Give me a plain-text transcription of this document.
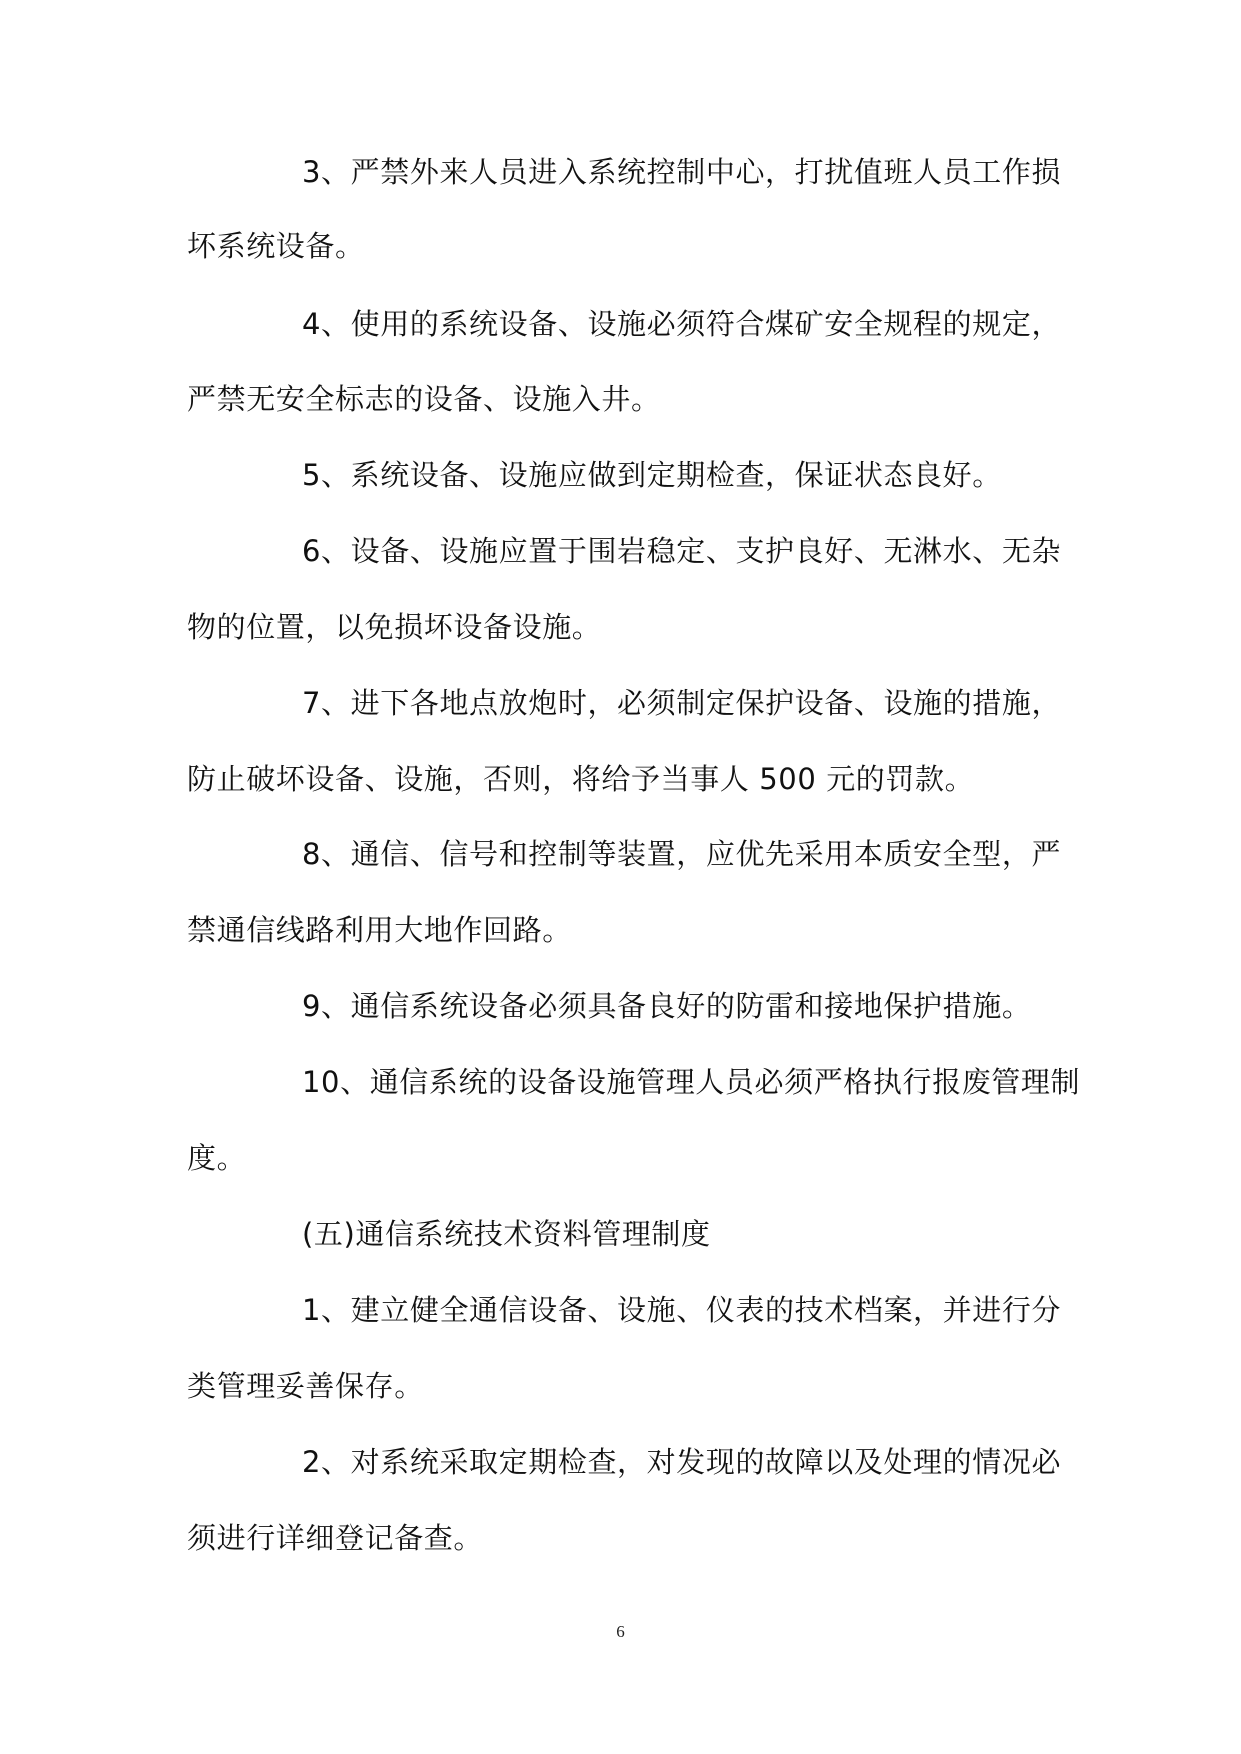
3、严禁外来人员进入系统控制中心，打扰值班人员工作损
坏系统设备。
4、使用的系统设备、设施必须符合煤矿安全规程的规定，
严禁无安全标志的设备、设施入井。
5、系统设备、设施应做到定期检查，保证状态良好。
6、设备、设施应置于围岩稳定、支护良好、无淋水、无杂
物的位置，以免损坏设备设施。
7、进下各地点放炮时，必须制定保护设备、设施的措施，
防止破坏设备、设施，否则，将给予当事人 500 元的罚款。
8、通信、信号和控制等装置，应优先采用本质安全型，严
禁通信线路利用大地作回路。
9、通信系统设备必须具备良好的防雷和接地保护措施。
10、通信系统的设备设施管理人员必须严格执行报废管理制
度。
(五)通信系统技术资料管理制度
1、建立健全通信设备、设施、仪表的技术档案，并进行分
类管理妥善保存。
2、对系统采取定期检查，对发现的故障以及处理的情况必
须进行详细登记备查。
6
